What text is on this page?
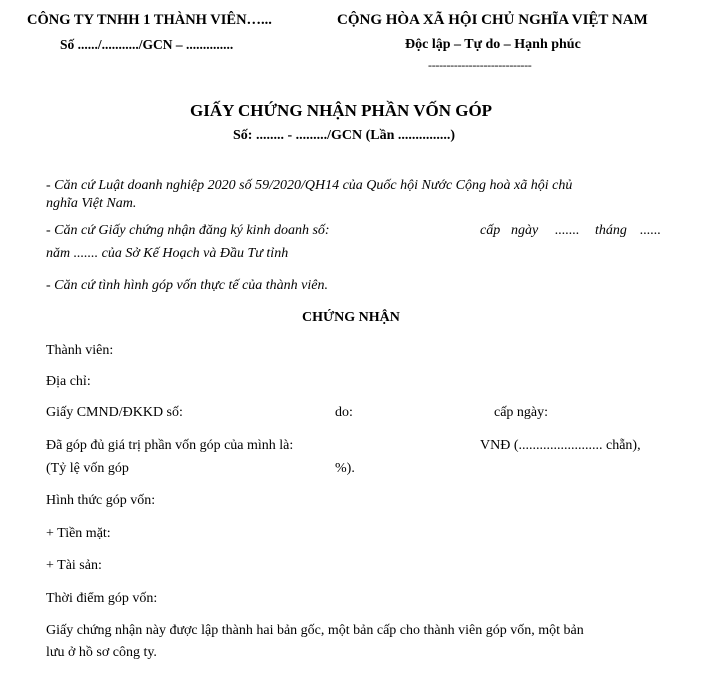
CÔNG TY TNHH 1 THÀNH VIÊN…...
Số ....../.........../GCN – ..............
CỘNG HÒA XÃ HỘI CHỦ NGHĨA VIỆT NAM
Độc lập – Tự do – Hạnh phúc
----------------------------
GIẤY CHỨNG NHẬN PHẦN VỐN GÓP
Số: ........ - ........./GCN (Lần ...............)
- Căn cứ Luật doanh nghiệp 2020 số 59/2020/QH14 của Quốc hội Nước Cộng hoà xã hội chủ
nghĩa Việt Nam.
- Căn cứ Giấy chứng nhận đăng ký kinh doanh số:	cấp ngày ....... tháng ......
năm ....... của Sở Kế Hoạch và Đầu Tư tỉnh
- Căn cứ tình hình góp vốn thực tế của thành viên.
CHỨNG NHẬN
Thành viên:
Địa chỉ:
Giấy CMND/ĐKKD số:	do:	cấp ngày:
Đã góp đủ giá trị phần vốn góp của mình là:	VNĐ (........................ chẵn),
(Tỷ lệ vốn góp	%).
Hình thức góp vốn:
+ Tiền mặt:
+ Tài sản:
Thời điểm góp vốn:
Giấy chứng nhận này được lập thành hai bản gốc, một bản cấp cho thành viên góp vốn, một bản
lưu ở hồ sơ công ty.
